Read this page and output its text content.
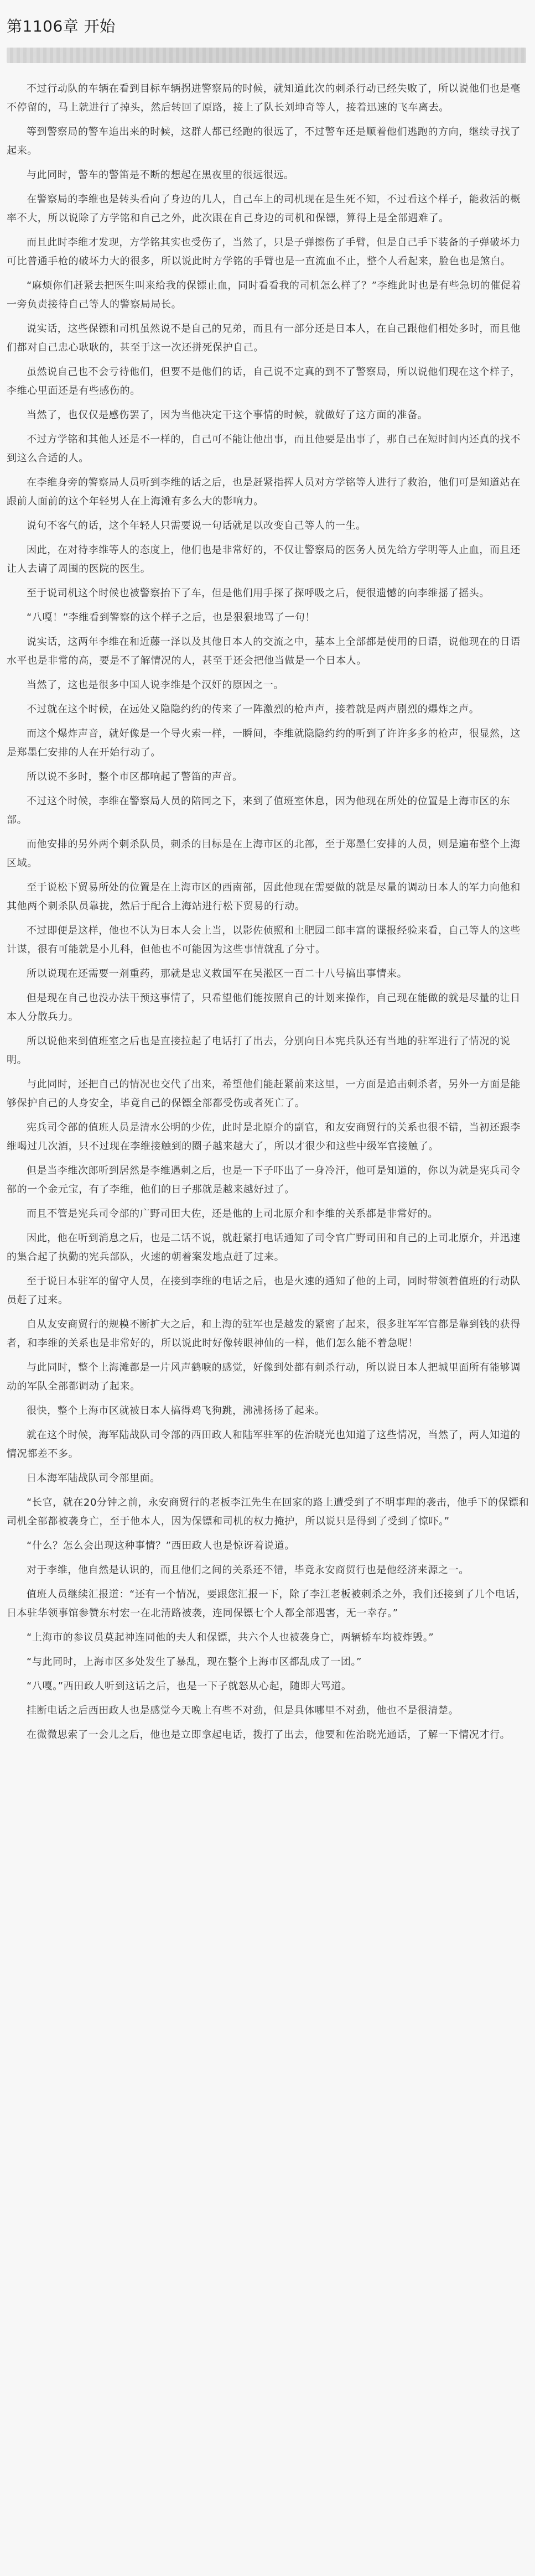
第1106章 开始

不过行动队的车辆在看到目标车辆拐进警察局的时候，就知道此次的刺杀行动已经失败了，所以说他们也是毫不停留的，马上就进行了掉头，然后转回了原路，接上了队长刘坤奇等人，接着迅速的飞车离去。

等到警察局的警车追出来的时候，这群人都已经跑的很远了，不过警车还是顺着他们逃跑的方向，继续寻找了起来。

与此同时，警车的警笛是不断的想起在黑夜里的很远很远。

在警察局的李维也是转头看向了身边的几人，自己车上的司机现在是生死不知，不过看这个样子，能救活的概率不大，所以说除了方学铭和自己之外，此次跟在自己身边的司机和保镖，算得上是全部遇难了。

而且此时李维才发现，方学铭其实也受伤了，当然了，只是子弹擦伤了手臂，但是自己手下装备的子弹破坏力可比普通手枪的破坏力大的很多，所以说此时方学铭的手臂也是一直流血不止，整个人看起来，脸色也是煞白。

“麻烦你们赶紧去把医生叫来给我的保镖止血，同时看看我的司机怎么样了？”李维此时也是有些急切的催促着一旁负责接待自己等人的警察局局长。

说实话，这些保镖和司机虽然说不是自己的兄弟，而且有一部分还是日本人，在自己跟他们相处多时，而且他们都对自己忠心耿耿的，甚至于这一次还拼死保护自己。

虽然说自己也不会亏待他们，但要不是他们的话，自己说不定真的到不了警察局，所以说他们现在这个样子，李维心里面还是有些感伤的。

当然了，也仅仅是感伤罢了，因为当他决定干这个事情的时候，就做好了这方面的准备。

不过方学铭和其他人还是不一样的，自己可不能让他出事，而且他要是出事了，那自己在短时间内还真的找不到这么合适的人。

在李维身旁的警察局人员听到李维的话之后，也是赶紧指挥人员对方学铭等人进行了救治，他们可是知道站在跟前人面前的这个年轻男人在上海滩有多么大的影响力。

说句不客气的话，这个年轻人只需要说一句话就足以改变自己等人的一生。

因此，在对待李维等人的态度上，他们也是非常好的，不仅让警察局的医务人员先给方学明等人止血，而且还让人去请了周围的医院的医生。

至于说司机这个时候也被警察抬下了车，但是他们用手探了探呼吸之后，便很遗憾的向李维摇了摇头。

“八嘎！”李维看到警察的这个样子之后，也是狠狠地骂了一句！

说实话，这两年李维在和近藤一泽以及其他日本人的交流之中，基本上全部都是使用的日语，说他现在的日语水平也是非常的高，要是不了解情况的人，甚至于还会把他当做是一个日本人。

当然了，这也是很多中国人说李维是个汉奸的原因之一。

不过就在这个时候，在远处又隐隐约约的传来了一阵激烈的枪声声，接着就是两声剧烈的爆炸之声。

而这个爆炸声音，就好像是一个导火索一样，一瞬间，李维就隐隐约约的听到了许许多多的枪声，很显然，这是郑墨仁安排的人在开始行动了。

所以说不多时，整个市区都响起了警笛的声音。

不过这个时候，李维在警察局人员的陪同之下，来到了值班室休息，因为他现在所处的位置是上海市区的东部。

而他安排的另外两个刺杀队员，刺杀的目标是在上海市区的北部，至于郑墨仁安排的人员，则是遍布整个上海区域。

至于说松下贸易所处的位置是在上海市区的西南部，因此他现在需要做的就是尽量的调动日本人的军力向他和其他两个刺杀队员靠拢，然后于配合上海站进行松下贸易的行动。

不过即便是这样，他也不认为日本人会上当，以影佐侦照和土肥园二郎丰富的谍报经验来看，自己等人的这些计谋，很有可能就是小儿科，但他也不可能因为这些事情就乱了分寸。

所以说现在还需要一剂重药，那就是忠义救国军在吴淞区一百二十八号搞出事情来。

但是现在自己也没办法干预这事情了，只希望他们能按照自己的计划来操作，自己现在能做的就是尽量的让日本人分散兵力。

所以说他来到值班室之后也是直接拉起了电话打了出去，分别向日本宪兵队还有当地的驻军进行了情况的说明。

与此同时，还把自己的情况也交代了出来，希望他们能赶紧前来这里，一方面是追击刺杀者，另外一方面是能够保护自己的人身安全，毕竟自己的保镖全部都受伤或者死亡了。

宪兵司令部的值班人员是清水公明的少佐，此时是北原介的副官，和友安商贸行的关系也很不错，当初还跟李维喝过几次酒，只不过现在李维接触到的圈子越来越大了，所以才很少和这些中级军官接触了。

但是当李维次郎听到居然是李维遇刺之后，也是一下子吓出了一身冷汗，他可是知道的，你以为就是宪兵司令部的一个金元宝，有了李维，他们的日子那就是越来越好过了。

而且不管是宪兵司令部的广野司田大佐，还是他的上司北原介和李维的关系都是非常好的。

因此，他在听到消息之后，也是二话不说，就赶紧打电话通知了司令官广野司田和自己的上司北原介，并迅速的集合起了执勤的宪兵部队，火速的朝着案发地点赶了过来。

至于说日本驻军的留守人员，在接到李维的电话之后，也是火速的通知了他的上司，同时带领着值班的行动队员赶了过来。

自从友安商贸行的规模不断扩大之后，和上海的驻军也是越发的紧密了起来，很多驻军军官都是靠到钱的获得者，和李维的关系也是非常好的，所以说此时好像转眼神仙的一样，他们怎么能不着急呢！

与此同时，整个上海滩都是一片风声鹤唳的感觉，好像到处都有刺杀行动，所以说日本人把城里面所有能够调动的军队全部都调动了起来。

很快，整个上海市区就被日本人搞得鸡飞狗跳，沸沸扬扬了起来。

就在这个时候，海军陆战队司令部的西田政人和陆军驻军的佐治晓光也知道了这些情况，当然了，两人知道的情况都差不多。

日本海军陆战队司令部里面。

“长官，就在20分钟之前，永安商贸行的老板李江先生在回家的路上遭受到了不明事理的袭击，他手下的保镖和司机全部都被袭身亡，至于他本人，因为保镖和司机的权力掩护，所以说只是得到了受到了惊吓。”

“什么？怎么会出现这种事情？”西田政人也是惊讶着说道。

对于李维，他自然是认识的，而且他们之间的关系还不错，毕竟永安商贸行也是他经济来源之一。

值班人员继续汇报道：“还有一个情况，要跟您汇报一下，除了李江老板被刺杀之外，我们还接到了几个电话，日本驻华领事馆参赞东村宏一在北清路被袭，连同保镖七个人都全部遇害，无一幸存。”

“上海市的参议员莫起神连同他的夫人和保镖，共六个人也被袭身亡，两辆轿车均被炸毁。”

“与此同时，上海市区多处发生了暴乱，现在整个上海市区都乱成了一团。”

“八嘎。”西田政人听到这话之后，也是一下子就怒从心起，随即大骂道。

挂断电话之后西田政人也是感觉今天晚上有些不对劲，但是具体哪里不对劲，他也不是很清楚。

在微微思索了一会儿之后，他也是立即拿起电话，拨打了出去，他要和佐治晓光通话，了解一下情况才行。
